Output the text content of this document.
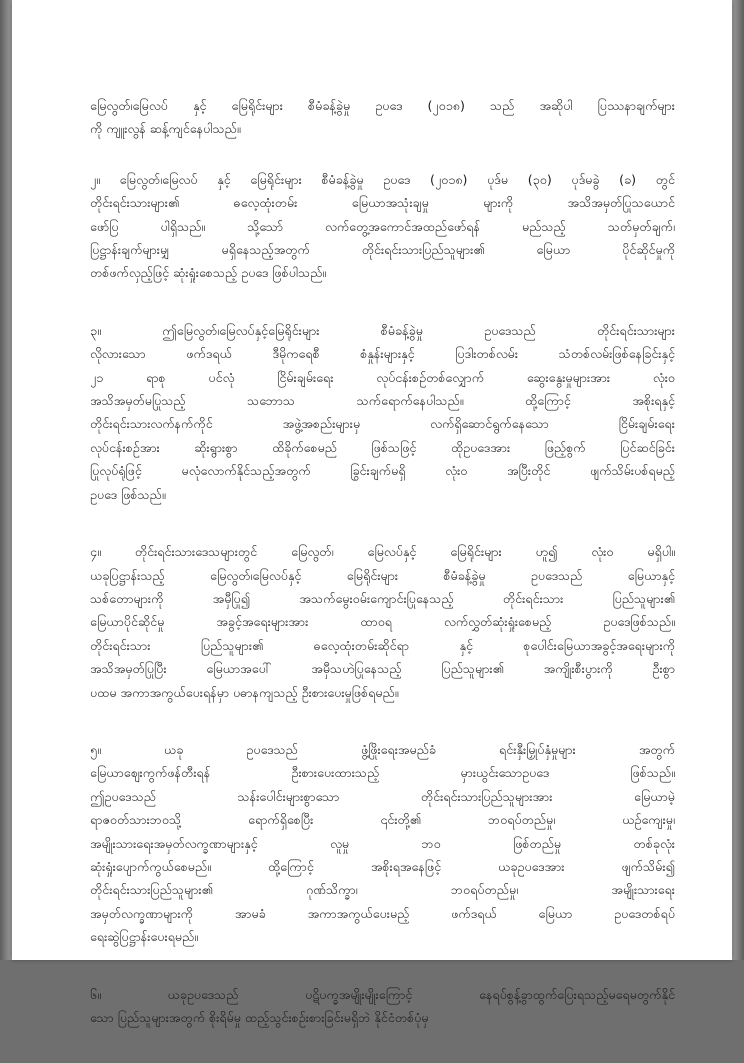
မြေလွတ်၊မြေလပ် နှင့် မြေရိုင်းများ စီမံခန့်ခွဲမှု ဥပဒေ (၂၀၁၈) သည် အဆိုပါ ပြဿနာချက်များ
ကို ကျူးလွန် ဆန့်ကျင်နေပါသည်။
၂။ မြေလွတ်၊မြေလပ် နှင့် မြေရိုင်းများ စီမံခန့်ခွဲမှု ဥပဒေ (၂၀၁၈) ပုဒ်မ (၃၀) ပုဒ်မခွဲ (ခ) တွင်
တိုင်းရင်းသားများ၏ ဓလေ့ထုံးတမ်း မြေယာအသုံးချမှု များကို အသိအမှတ်ပြုသယောင်
ဖော်ပြ ပါရှိသည်။ သို့သော် လက်တွေ့အကောင်အထည်ဖော်ရန် မည်သည့် သတ်မှတ်ချက်၊
ပြဋ္ဌာန်းချက်များမျှ မရှိနေသည့်အတွက် တိုင်းရင်းသားပြည်သူများ၏ မြေယာ ပိုင်ဆိုင်မှုကို
တစ်ဖက်လှည့်ဖြင့် ဆုံးရှုံးစေသည့် ဥပဒေ ဖြစ်ပါသည်။
၃။ ဤမြေလွတ်၊မြေလပ်နှင့်မြေရိုင်းများ စီမံခန့်ခွဲမှု ဥပဒေသည် တိုင်းရင်းသားများ
လိုလားသော ဖက်ဒရယ် ဒီမိုကရေစီ စံနှုန်းများနှင့် ပြဒါးတစ်လမ်း သံတစ်လမ်းဖြစ်နေခြင်းနှင့်
၂၁ ရာစု ပင်လုံ ငြိမ်းချမ်းရေး လုပ်ငန်းစဉ်တစ်လျှောက် ဆွေးနွေးမှုများအား လုံးဝ
အသိအမှတ်မပြုသည့် သဘောသ သက်ရောက်နေပါသည်။ ထို့ကြောင့် အစိုးရနှင့်
တိုင်းရင်းသားလက်နက်ကိုင် အဖွဲ့အစည်းများမှ လက်ရှိဆောင်ရွက်နေသော ငြိမ်းချမ်းရေး
လုပ်ငန်းစဉ်အား ဆိုးရွားစွာ ထိခိုက်စေမည် ဖြစ်သဖြင့် ထိုဥပဒေအား ဖြည့်စွက် ပြင်ဆင်ခြင်း
ပြုလုပ်ရုံဖြင့် မလုံလောက်နိုင်သည့်အတွက် ခြွင်းချက်မရှိ လုံးဝ အပြီးတိုင် ဖျက်သိမ်းပစ်ရမည့်
ဥပဒေ ဖြစ်သည်။
၄။ တိုင်းရင်းသားဒေသများတွင် မြေလွတ်၊ မြေလပ်နှင့် မြေရိုင်းများ ဟူ၍ လုံးဝ မရှိပါ။
ယခုပြဋ္ဌာန်းသည့် မြေလွတ်၊မြေလပ်နှင့် မြေရိုင်းများ စီမံခန့်ခွဲမှု ဥပဒေသည် မြေယာနှင့်
သစ်တောများကို အမှီပြု၍ အသက်မွေးဝမ်းကျောင်းပြုနေသည့် တိုင်းရင်းသား ပြည်သူများ၏
မြေယာပိုင်ဆိုင်မှု အခွင့်အရေးများအား ထာဝရ လက်လွှတ်ဆုံးရှုံးစေမည့် ဥပဒေဖြစ်သည်။
တိုင်းရင်းသား ပြည်သူများ၏ ဓလေ့ထုံးတမ်းဆိုင်ရာ နှင့် စုပေါင်းမြေယာအခွင့်အရေးများကို
အသိအမှတ်ပြုပြီး မြေယာအပေါ် အမှီသဟဲပြုနေသည့် ပြည်သူများ၏ အကျိုးစီးပွားကို ဦးစွာ
ပထမ အကာအကွယ်ပေးရန်မှာ ပဓာနကျသည့် ဦးစားပေးမှုဖြစ်ရမည်။
၅။ ယခု ဥပဒေသည် ဖွံ့ဖြိုးရေးအမည်ခံ ရင်းနှီးမြှုပ်နှံမှုများ အတွက်
မြေယာဈေးကွက်ဖန်တီးရန် ဦးစားပေးထားသည့် မှားယွင်းသောဥပဒေ ဖြစ်သည်။
ဤဥပဒေသည် သန်းပေါင်းများစွာသော တိုင်းရင်းသားပြည်သူများအား မြေယာမဲ့
ရာဇဝတ်သားဘဝသို့ ရောက်ရှိစေပြီး ၎င်းတို့၏ ဘဝရပ်တည်မှု၊ ယဉ်ကျေးမှု၊
အမျိုးသားရေးအမှတ်လက္ခဏာများနှင့် လူမှု ဘဝ ဖြစ်တည်မှု တစ်ခုလုံး
ဆုံးရှုံးပျောက်ကွယ်စေမည်။ ထို့ကြောင့် အစိုးရအနေဖြင့် ယခုဥပဒေအား ဖျက်သိမ်း၍
တိုင်းရင်းသားပြည်သူများ၏ ဂုဏ်သိက္ခာ၊ ဘဝရပ်တည်မှု၊ အမျိုးသားရေး
အမှတ်လက္ခဏာများကို အာမခံ အကာအကွယ်ပေးမည့် ဖက်ဒရယ် မြေယာ ဥပဒေတစ်ရပ်
ရေးဆွဲပြဋ္ဌာန်းပေးရမည်။
၆။ ယခုဥပဒေသည် ပဋိပက္ခအမျိုးမျိုးကြောင့် နေရပ်စွန့်ခွာထွက်ပြေးရသည့်မရေမတွက်နိုင်
သော ပြည်သူများအတွက် စိုးရိမ်မှု ထည့်သွင်းစဉ်းစားခြင်းမရှိဘဲ နိုင်ငံတစ်ပုံမှ
